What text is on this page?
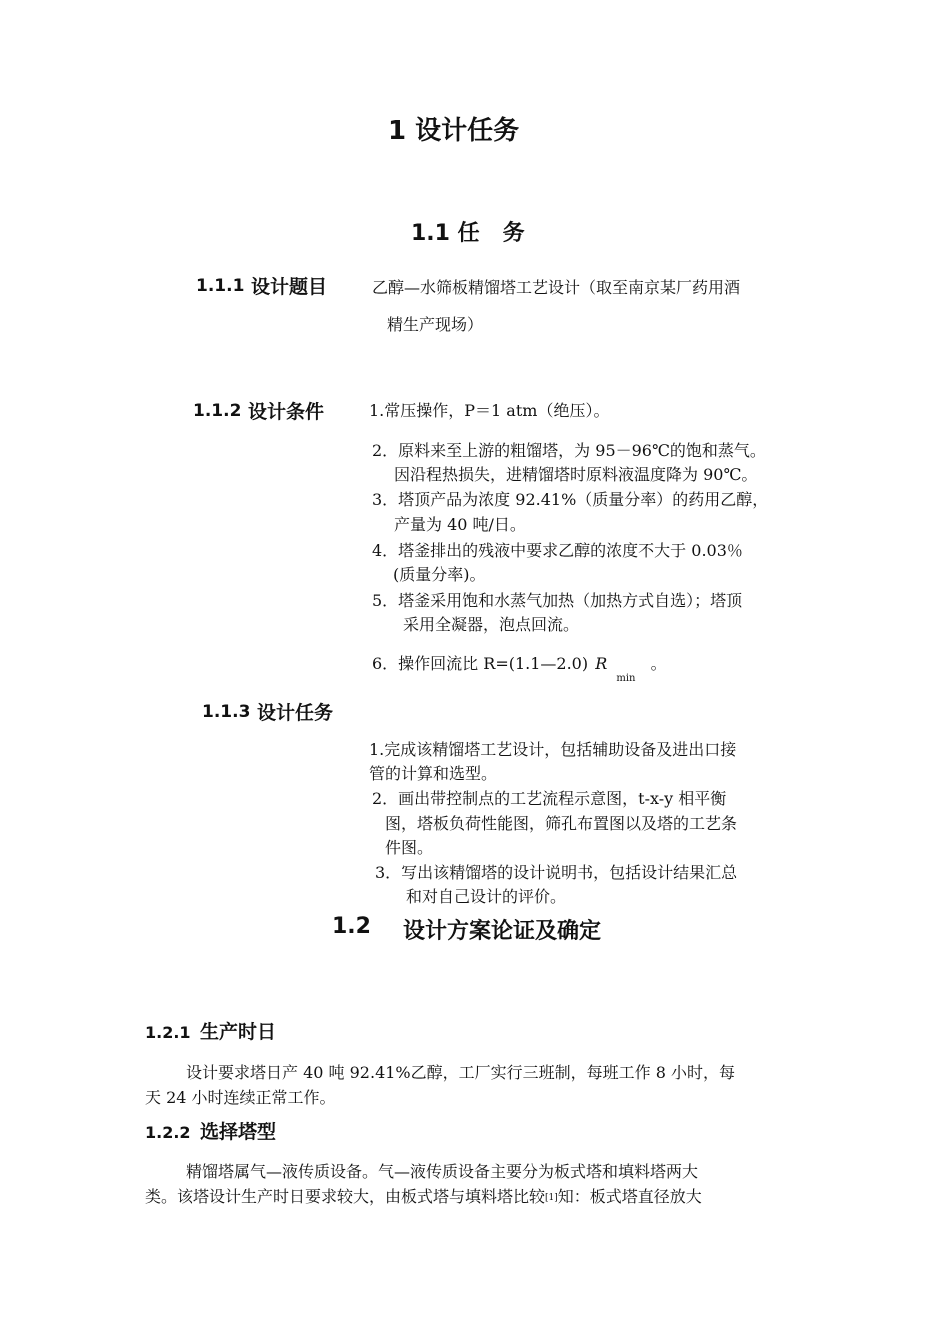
1 设计任务
1.1 任   务
1.1.1 设计题目	乙醇—水筛板精馏塔工艺设计（取至南京某厂药用酒
精生产现场）
1.1.2 设计条件	1.常压操作，P＝1 atm（绝压）。
2．原料来至上游的粗馏塔，为 95－96℃的饱和蒸气。
因沿程热损失，进精馏塔时原料液温度降为 90℃。
3．塔顶产品为浓度 92.41%（质量分率）的药用乙醇，
产量为 40 吨/日。
4．塔釜排出的残液中要求乙醇的浓度不大于 0.03％
(质量分率)。
5．塔釜采用饱和水蒸气加热（加热方式自选）；塔顶
采用全凝器，泡点回流。
6．操作回流比 R=(1.1—2.0) R $_{min}$ 。
1.1.3 设计任务
1.完成该精馏塔工艺设计，包括辅助设备及进出口接
管的计算和选型。
2．画出带控制点的工艺流程示意图，t-x-y 相平衡
图，塔板负荷性能图，筛孔布置图以及塔的工艺条
件图。
3．写出该精馏塔的设计说明书，包括设计结果汇总
和对自己设计的评价。
1.2 设计方案论证及确定
1.2.1 生产时日
设计要求塔日产 40 吨 92.41%乙醇，工厂实行三班制，每班工作 8 小时，每
天 24 小时连续正常工作。
1.2.2 选择塔型
精馏塔属气—液传质设备。气—液传质设备主要分为板式塔和填料塔两大
类。该塔设计生产时日要求较大，由板式塔与填料塔比较[1]知：板式塔直径放大
